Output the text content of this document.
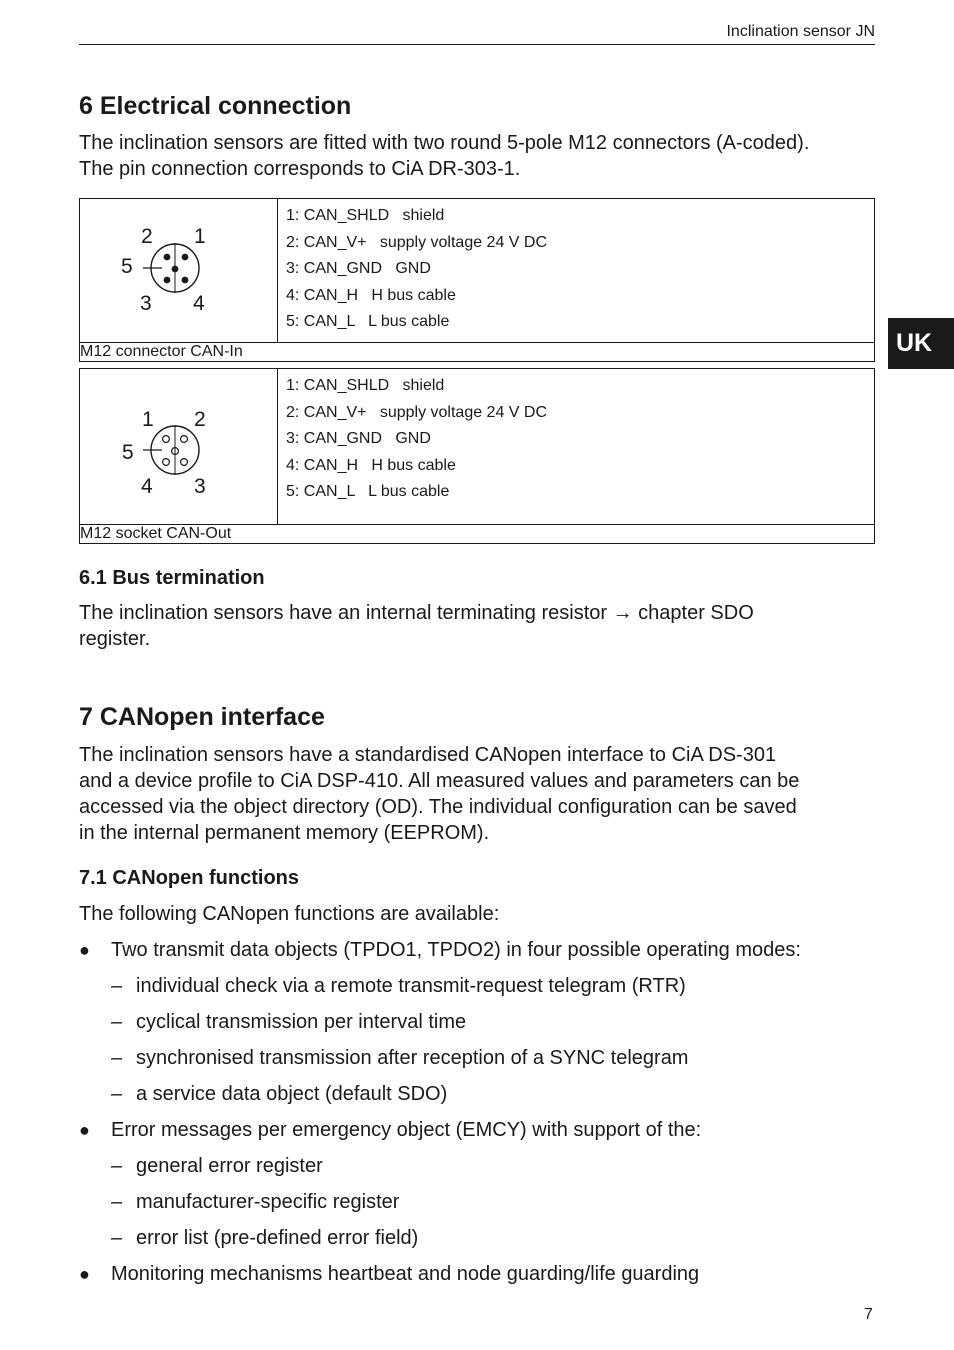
Inclination sensor JN
UK
6 Electrical connection
The inclination sensors are fitted with two round 5-pole M12 connectors (A-coded).
The pin connection corresponds to CiA DR-303-1.
2 1
5
3 4

1: CAN_SHLD   shield
2: CAN_V+   supply voltage 24 V DC
3: CAN_GND   GND
4: CAN_H   H bus cable
5: CAN_L   L bus cable

M12 connector CAN-In
1 2
5
4 3

1: CAN_SHLD   shield
2: CAN_V+   supply voltage 24 V DC
3: CAN_GND   GND
4: CAN_H   H bus cable
5: CAN_L   L bus cable

M12 socket CAN-Out
6.1 Bus termination
The inclination sensors have an internal terminating resistor → chapter SDO
register.
7 CANopen interface
The inclination sensors have a standardised CANopen interface to CiA DS-301
and a device profile to CiA DSP-410. All measured values and parameters can be
accessed via the object directory (OD). The individual configuration can be saved
in the internal permanent memory (EEPROM).
7.1 CANopen functions
The following CANopen functions are available:
● Two transmit data objects (TPDO1, TPDO2) in four possible operating modes:
– individual check via a remote transmit-request telegram (RTR)
– cyclical transmission per interval time
– synchronised transmission after reception of a SYNC telegram
– a service data object (default SDO)
● Error messages per emergency object (EMCY) with support of the:
– general error register
– manufacturer-specific register
– error list (pre-defined error field)
● Monitoring mechanisms heartbeat and node guarding/life guarding
7
